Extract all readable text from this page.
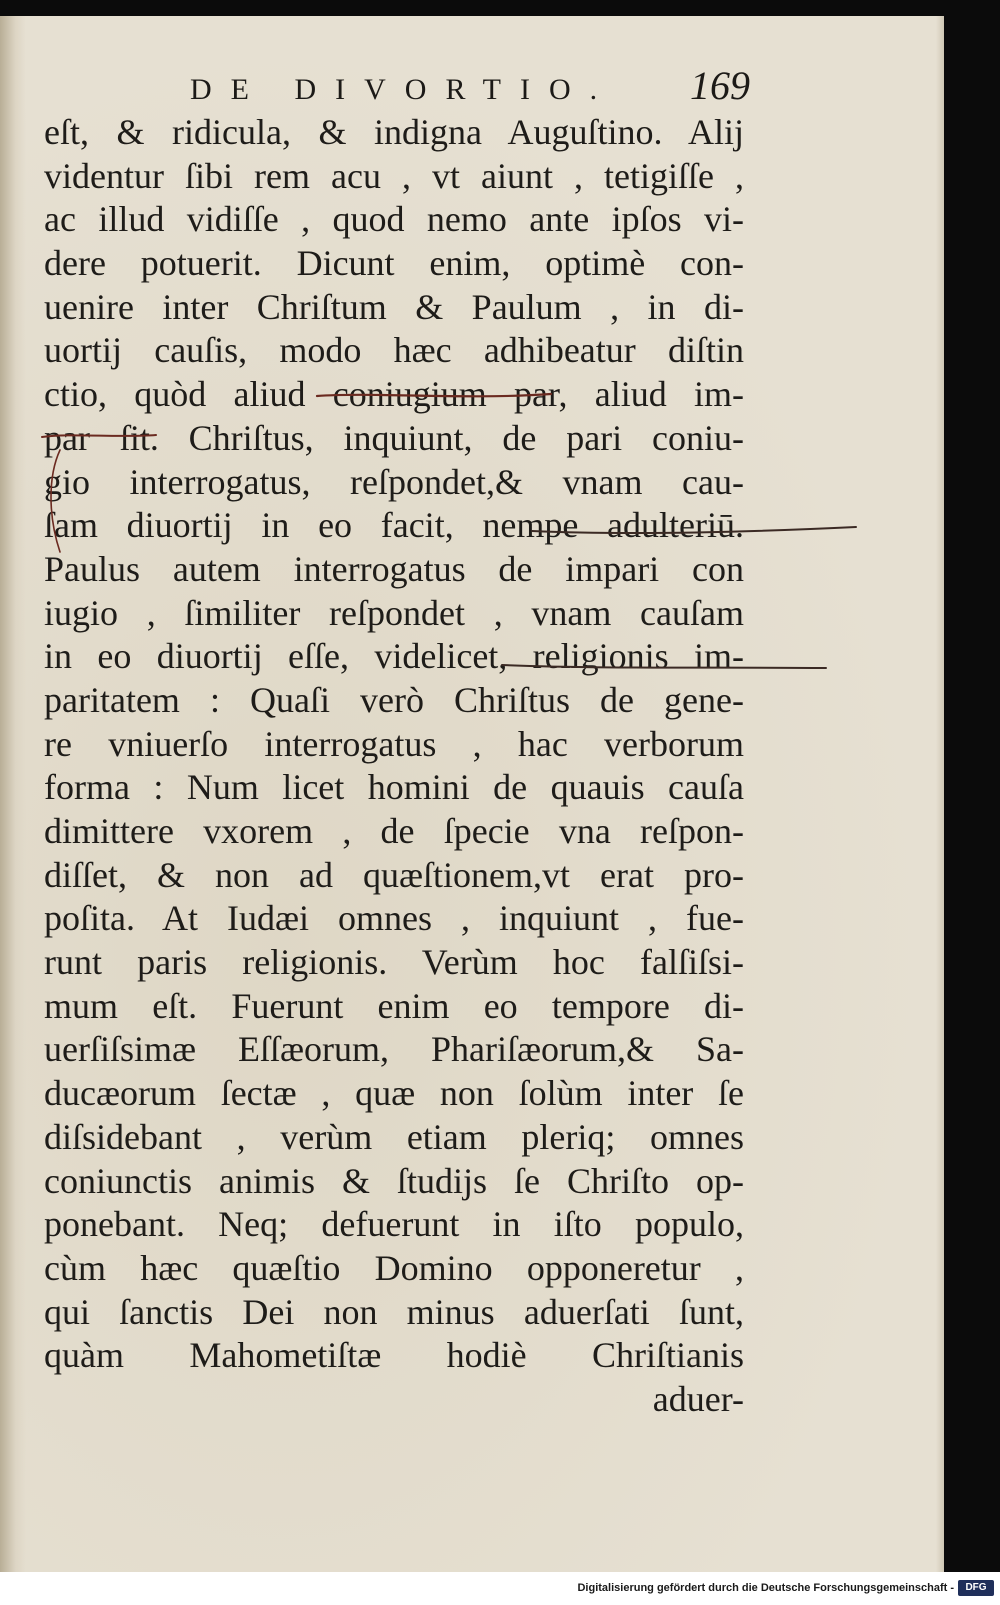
DE DIVORTIO. 169
eſt, & ridicula, & indigna Auguſtino. Alij
videntur ſibi rem acu , vt aiunt , tetigiſſe ,
ac illud vidiſſe , quod nemo ante ipſos vi-
dere potuerit. Dicunt enim, optimè con-
uenire inter Chriſtum & Paulum , in di-
uortij cauſis, modo hæc adhibeatur diſtin
ctio, quòd aliud coniugium par, aliud im-
par ſit. Chriſtus, inquiunt, de pari coniu-
gio interrogatus, reſpondet,& vnam cau-
ſam diuortij in eo facit, nempe adulteriū.
Paulus autem interrogatus de impari con
iugio , ſimiliter reſpondet , vnam cauſam
in eo diuortij eſſe, videlicet, religionis im-
paritatem : Quaſi verò Chriſtus de gene-
re vniuerſo interrogatus , hac verborum
forma : Num licet homini de quauis cauſa
dimittere vxorem , de ſpecie vna reſpon-
diſſet, & non ad quæſtionem,vt erat pro-
poſita. At Iudæi omnes , inquiunt , fue-
runt paris religionis. Verùm hoc falſiſsi-
mum eſt. Fuerunt enim eo tempore di-
uerſiſsimæ Eſſæorum, Phariſæorum,& Sa-
ducæorum ſectæ , quæ non ſolùm inter ſe
diſsidebant , verùm etiam pleriq; omnes
coniunctis animis & ſtudijs ſe Chriſto op-
ponebant. Neq; defuerunt in iſto populo,
cùm hæc quæſtio Domino opponeretur ,
qui ſanctis Dei non minus aduerſati ſunt,
quàm Mahometiſtæ hodiè Chriſtianis
aduer-
Digitalisierung gefördert durch die Deutsche Forschungsgemeinschaft -	DFG
